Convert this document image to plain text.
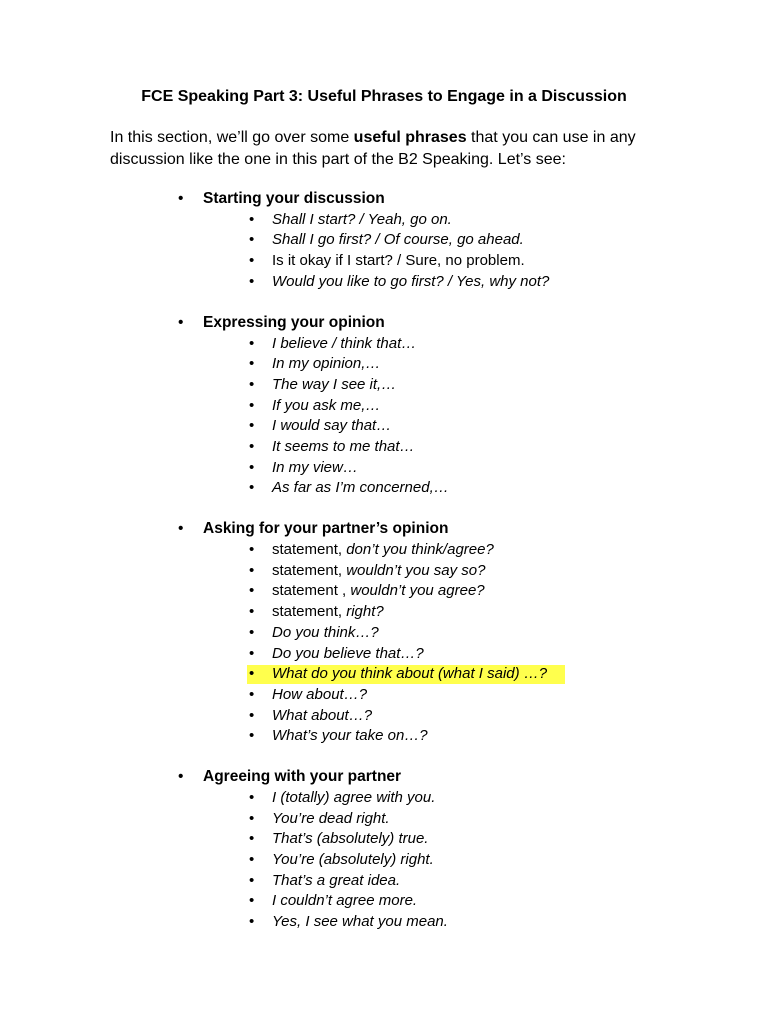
FCE Speaking Part 3: Useful Phrases to Engage in a Discussion
In this section, we’ll go over some useful phrases that you can use in any discussion like the one in this part of the B2 Speaking. Let’s see:
• Starting your discussion
• Shall I start? / Yeah, go on.
• Shall I go first? / Of course, go ahead.
• Is it okay if I start? / Sure, no problem.
• Would you like to go first? / Yes, why not?
• Expressing your opinion
• I believe / think that…
• In my opinion,…
• The way I see it,…
• If you ask me,…
• I would say that…
• It seems to me that…
• In my view…
• As far as I’m concerned,…
• Asking for your partner’s opinion
• statement, don’t you think/agree?
• statement, wouldn’t you say so?
• statement , wouldn’t you agree?
• statement, right?
• Do you think…?
• Do you believe that…?
• What do you think about (what I said) …?
• How about…?
• What about…?
• What’s your take on…?
• Agreeing with your partner
• I (totally) agree with you.
• You’re dead right.
• That’s (absolutely) true.
• You’re (absolutely) right.
• That’s a great idea.
• I couldn’t agree more.
• Yes, I see what you mean.
